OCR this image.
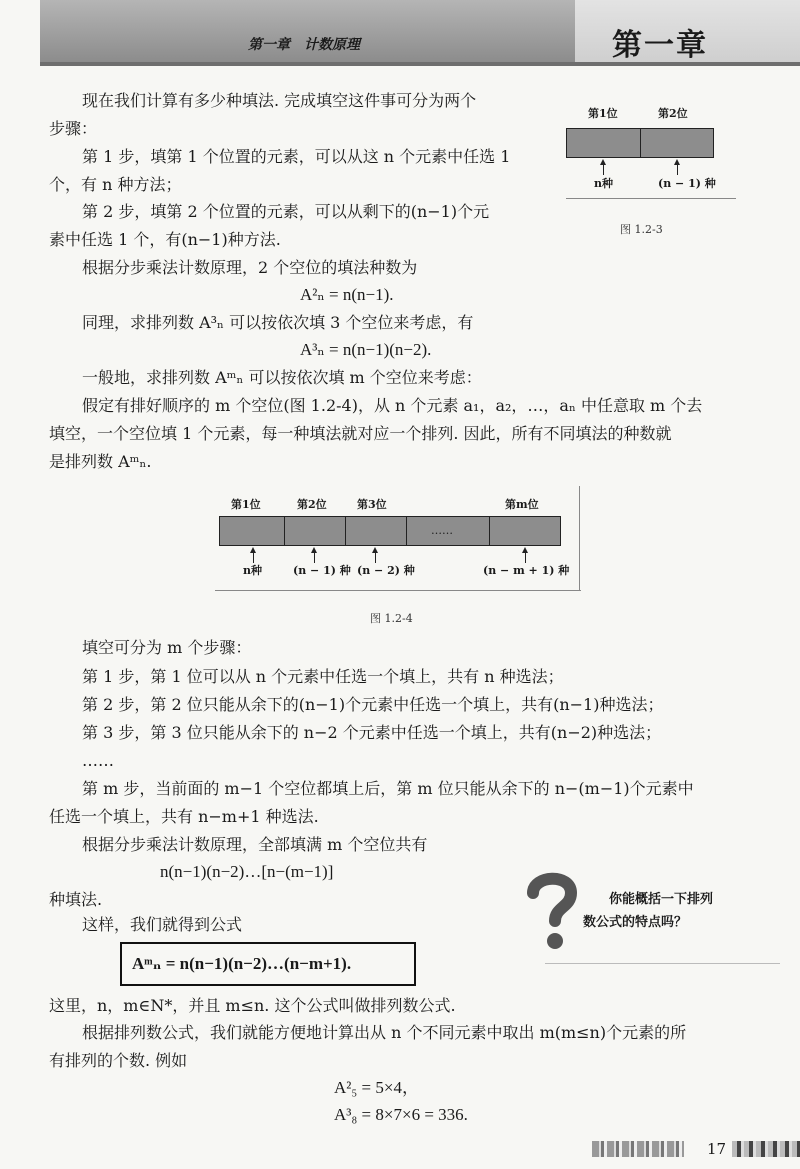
第一章　计数原理	第一章
第1位	第2位
n种	(n − 1) 种
图 1.2-3
现在我们计算有多少种填法. 完成填空这件事可分为两个
步骤：
第 1 步，填第 1 个位置的元素，可以从这 n 个元素中任选 1
个，有 n 种方法；
第 2 步，填第 2 个位置的元素，可以从剩下的(n−1)个元
素中任选 1 个，有(n−1)种方法.
根据分步乘法计数原理，2 个空位的填法种数为
A²ₙ = n(n−1).
同理，求排列数 A³ₙ 可以按依次填 3 个空位来考虑，有
A³ₙ = n(n−1)(n−2).
一般地，求排列数 Aᵐₙ 可以按依次填 m 个空位来考虑：
假定有排好顺序的 m 个空位(图 1.2-4)，从 n 个元素 a₁，a₂，…，aₙ 中任意取 m 个去
填空，一个空位填 1 个元素，每一种填法就对应一个排列. 因此，所有不同填法的种数就
是排列数 Aᵐₙ.
第1位	第2位	第3位	第m位
……
n种	(n − 1) 种 (n − 2) 种	(n − m + 1) 种
图 1.2-4
填空可分为 m 个步骤：
第 1 步，第 1 位可以从 n 个元素中任选一个填上，共有 n 种选法；
第 2 步，第 2 位只能从余下的(n−1)个元素中任选一个填上，共有(n−1)种选法；
第 3 步，第 3 位只能从余下的 n−2 个元素中任选一个填上，共有(n−2)种选法；
……
第 m 步，当前面的 m−1 个空位都填上后，第 m 位只能从余下的 n−(m−1)个元素中
任选一个填上，共有 n−m+1 种选法.
根据分步乘法计数原理，全部填满 m 个空位共有
n(n−1)(n−2)…[n−(m−1)]
种填法.
这样，我们就得到公式
Aᵐₙ = n(n−1)(n−2)…(n−m+1).
你能概括一下排列
数公式的特点吗？
这里，n，m∈N*，并且 m≤n. 这个公式叫做排列数公式.
根据排列数公式，我们就能方便地计算出从 n 个不同元素中取出 m(m≤n)个元素的所
有排列的个数. 例如
A²₅ = 5×4，
A³₈ = 8×7×6 = 336.
17
